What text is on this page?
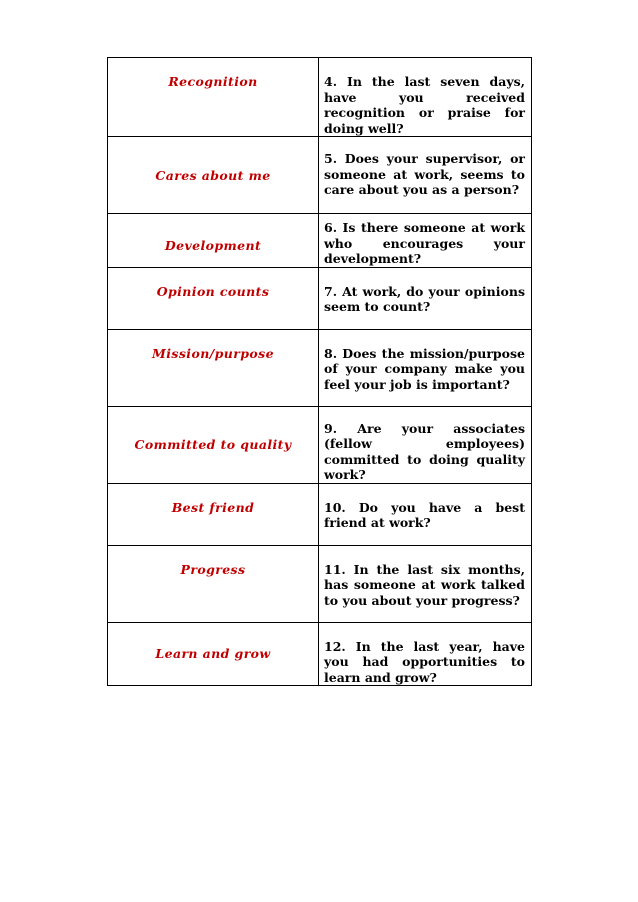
Recognition	4. In the last seven days, have you received recognition or praise for doing well?
Cares about me	5. Does your supervisor, or someone at work, seems to care about you as a person?
Development	6. Is there someone at work who encourages your development?
Opinion counts	7. At work, do your opinions seem to count?
Mission/purpose	8. Does the mission/purpose of your company make you feel your job is important?
Committed to quality	9. Are your associates (fellow employees) committed to doing quality work?
Best friend	10. Do you have a best friend at work?
Progress	11. In the last six months, has someone at work talked to you about your progress?
Learn and grow	12. In the last year, have you had opportunities to learn and grow?
